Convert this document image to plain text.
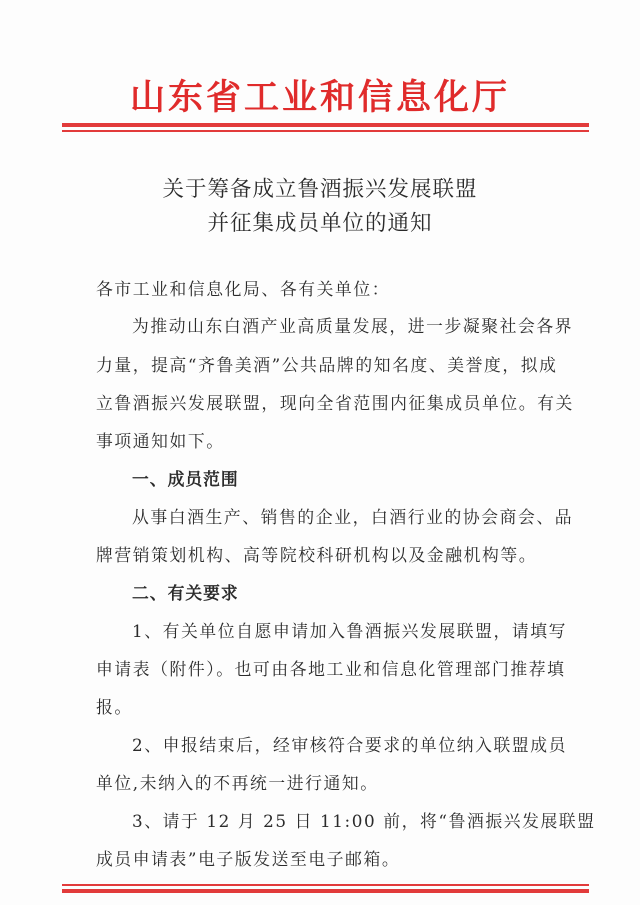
山东省工业和信息化厅
关于筹备成立鲁酒振兴发展联盟
并征集成员单位的通知
各市工业和信息化局、各有关单位：
为推动山东白酒产业高质量发展，进一步凝聚社会各界
力量，提高“齐鲁美酒”公共品牌的知名度、美誉度，拟成
立鲁酒振兴发展联盟，现向全省范围内征集成员单位。有关
事项通知如下。
一、成员范围
从事白酒生产、销售的企业，白酒行业的协会商会、品
牌营销策划机构、高等院校科研机构以及金融机构等。
二、有关要求
1、有关单位自愿申请加入鲁酒振兴发展联盟，请填写
申请表（附件）。也可由各地工业和信息化管理部门推荐填
报。
2、申报结束后，经审核符合要求的单位纳入联盟成员
单位,未纳入的不再统一进行通知。
3、请于 12 月 25 日 11:00 前，将“鲁酒振兴发展联盟
成员申请表”电子版发送至电子邮箱。
